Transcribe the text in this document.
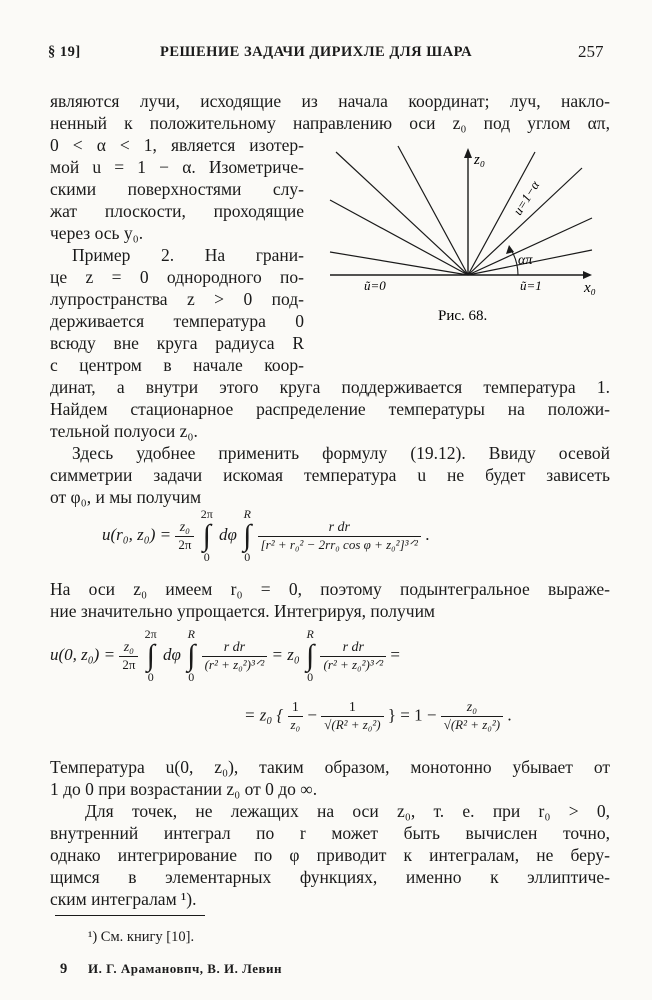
§ 19]	РЕШЕНИЕ ЗАДАЧИ ДИРИХЛЕ ДЛЯ ШАРА	257
являются лучи, исходящие из начала координат; луч, накло-
ненный к положительному направлению оси z₀ под углом απ,
0 < α < 1, является изотер-
мой u = 1 − α. Изометриче-
скими поверхностями слу-
жат плоскости, проходящие
через ось y₀.
Пример 2. На грани-
це z = 0 однородного по-
лупространства z > 0 под-
держивается температура 0
всюду вне круга радиуса R
с центром в начале коор-
z₀
x₀
u=1−α
απ
ũ=0	ũ=1
Рис. 68.
динат, а внутри этого круга поддерживается температура 1.
Найдем стационарное распределение температуры на положи-
тельной полуоси z₀.
Здесь удобнее применить формулу (19.12). Ввиду осевой
симметрии задачи искомая температура u не будет зависеть
от φ₀, и мы получим
u(r₀, $z_0) = \frac{\text{z₀}}{2\pi}$
2π
∫
0 dφ R
∫
0
$\frac{\text{r dr}}{\text{[r² + r₀² − 2rr₀ cos φ + z₀²]³ᐟ²}}$ .
На оси z₀ имеем r₀ = 0, поэтому подынтегральное выраже-
ние значительно упрощается. Интегрируя, получим
u(0, $z_0) = \frac{\text{z₀}}{2\pi}$
2π
∫
0 dφ R
∫
0
$\frac{\text{r dr}}{\text{(r² + z₀²)³ᐟ²}} = z_0$ R
∫
0
$\frac{\text{r dr}}{\text{(r² + z₀²)³ᐟ²}}$ =
= z₀ { $\frac{1}{\text{z₀}} - \frac{1}{\text{√(R² + z₀²)}}$ } = $1 - \frac{\text{z₀}}{\text{√(R² + z₀²)}}$ .
Температура u(0, z₀), таким образом, монотонно убывает от
1 до 0 при возрастании z₀ от 0 до ∞.
Для точек, не лежащих на оси z₀, т. е. при r₀ > 0,
внутренний интеграл по r может быть вычислен точно,
однако интегрирование по φ приводит к интегралам, не беру-
щимся в элементарных функциях, именно к эллиптиче-
ским интегралам ¹).
¹) См. книгу [10].
9 И. Г. Арамановпч, В. И. Левин
